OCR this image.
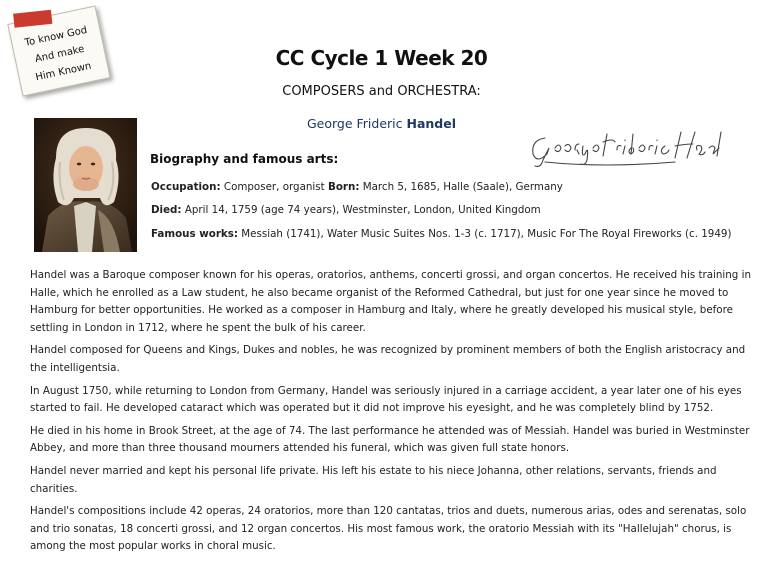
To know God
And make
Him Known
CC Cycle 1 Week 20
COMPOSERS and ORCHESTRA:
George Frideric Handel
Biography and famous arts:
Occupation: Composer, organist Born: March 5, 1685, Halle (Saale), Germany
Died: April 14, 1759 (age 74 years), Westminster, London, United Kingdom
Famous works: Messiah (1741), Water Music Suites Nos. 1-3 (c. 1717), Music For The Royal Fireworks (c. 1949)

Handel was a Baroque composer known for his operas, oratorios, anthems, concerti grossi, and organ concertos. He received his training in Halle, which he enrolled as a Law student, he also became organist of the Reformed Cathedral, but just for one year since he moved to Hamburg for better opportunities. He worked as a composer in Hamburg and Italy, where he greatly developed his musical style, before settling in London in 1712, where he spent the bulk of his career.

Handel composed for Queens and Kings, Dukes and nobles, he was recognized by prominent members of both the English aristocracy and the intelligentsia.

In August 1750, while returning to London from Germany, Handel was seriously injured in a carriage accident, a year later one of his eyes started to fail. He developed cataract which was operated but it did not improve his eyesight, and he was completely blind by 1752.

He died in his home in Brook Street, at the age of 74. The last performance he attended was of Messiah. Handel was buried in Westminster Abbey, and more than three thousand mourners attended his funeral, which was given full state honors.

Handel never married and kept his personal life private. His left his estate to his niece Johanna, other relations, servants, friends and charities.

Handel's compositions include 42 operas, 24 oratorios, more than 120 cantatas, trios and duets, numerous arias, odes and serenatas, solo and trio sonatas, 18 concerti grossi, and 12 organ concertos. His most famous work, the oratorio Messiah with its "Hallelujah" chorus, is among the most popular works in choral music.
